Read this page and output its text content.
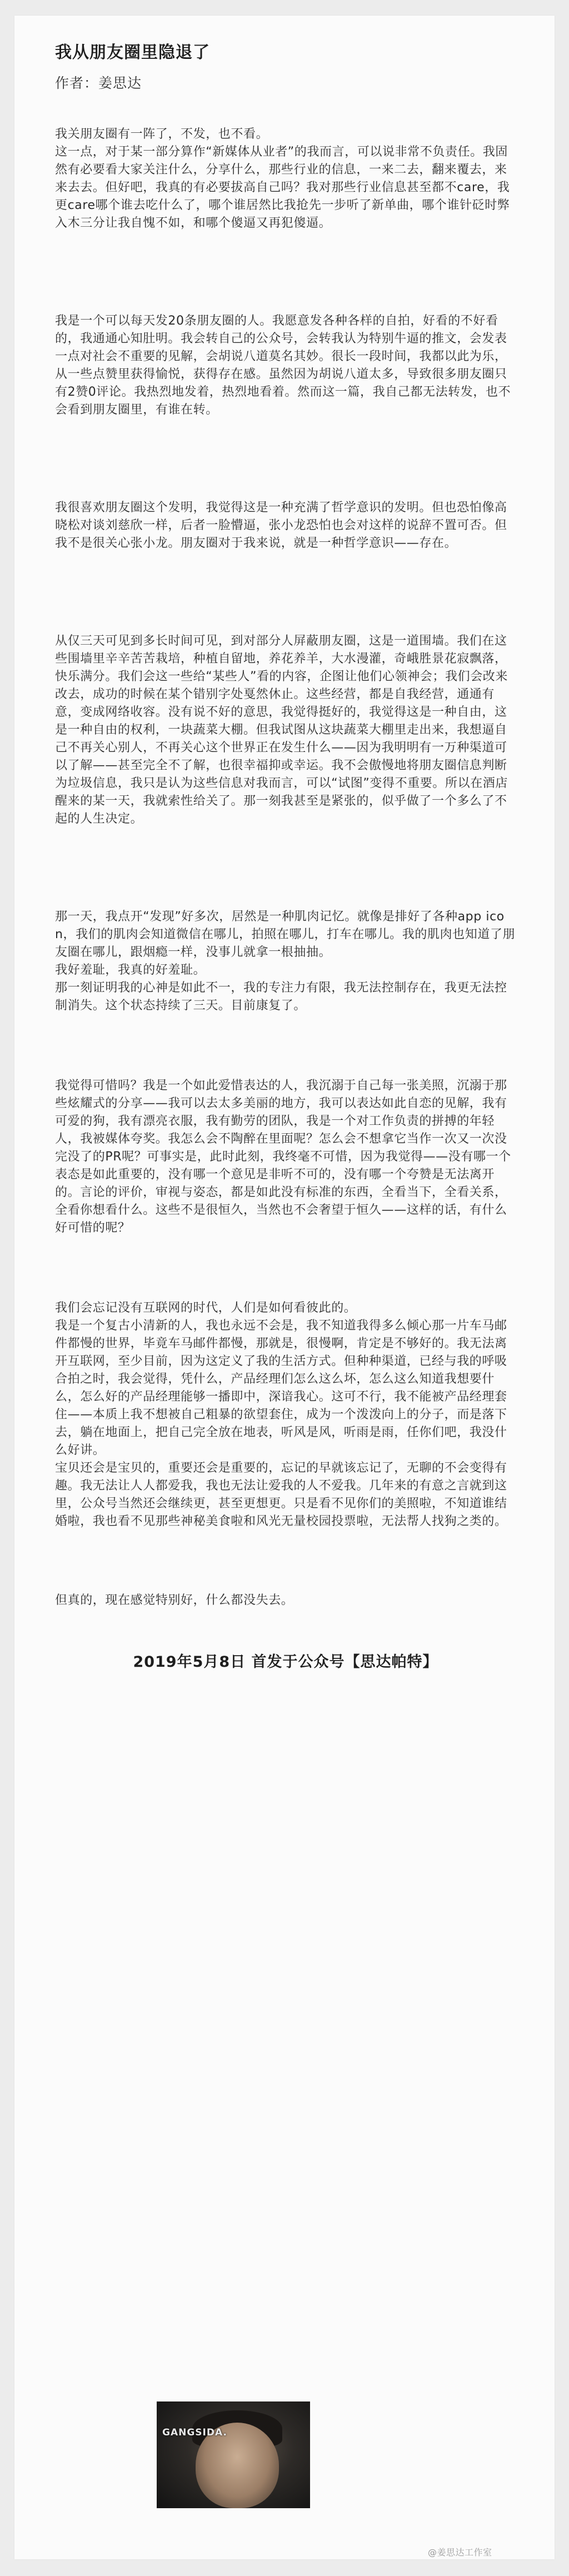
我从朋友圈里隐退了
作者：姜思达

我关朋友圈有一阵了，不发，也不看。

这一点，对于某一部分算作“新媒体从业者”的我而言，可以说非常不负责任。我固然有必要看大家关注什么，分享什么，那些行业的信息，一来二去，翻来覆去，来来去去。但好吧，我真的有必要拔高自己吗？我对那些行业信息甚至都不care，我更care哪个谁去吃什么了，哪个谁居然比我抢先一步听了新单曲，哪个谁针砭时弊入木三分让我自愧不如，和哪个傻逼又再犯傻逼。

我是一个可以每天发20条朋友圈的人。我愿意发各种各样的自拍，好看的不好看的，我通通心知肚明。我会转自己的公众号，会转我认为特别牛逼的推文，会发表一点对社会不重要的见解，会胡说八道莫名其妙。很长一段时间，我都以此为乐，从一些点赞里获得愉悦，获得存在感。虽然因为胡说八道太多，导致很多朋友圈只有2赞0评论。我热烈地发着，热烈地看着。然而这一篇，我自己都无法转发，也不会看到朋友圈里，有谁在转。

我很喜欢朋友圈这个发明，我觉得这是一种充满了哲学意识的发明。但也恐怕像高晓松对谈刘慈欣一样，后者一脸懵逼，张小龙恐怕也会对这样的说辞不置可否。但我不是很关心张小龙。朋友圈对于我来说，就是一种哲学意识——存在。

从仅三天可见到多长时间可见，到对部分人屏蔽朋友圈，这是一道围墙。我们在这些围墙里辛辛苦苦栽培，种植自留地，养花养羊，大水漫灌，奇峨胜景花寂飘落，快乐满分。我们会这一些给“某些人”看的内容，企图让他们心领神会；我们会改来改去，成功的时候在某个错别字处戛然休止。这些经营，都是自我经营，通通有意，变成网络收容。没有说不好的意思，我觉得挺好的，我觉得这是一种自由，这是一种自由的权利，一块蔬菜大棚。但我试图从这块蔬菜大棚里走出来，我想逼自己不再关心别人，不再关心这个世界正在发生什么——因为我明明有一万种渠道可以了解——甚至完全不了解，也很幸福抑或幸运。我不会傲慢地将朋友圈信息判断为垃圾信息，我只是认为这些信息对我而言，可以“试图”变得不重要。所以在酒店醒来的某一天，我就索性给关了。那一刻我甚至是紧张的，似乎做了一个多么了不起的人生决定。

那一天，我点开“发现”好多次，居然是一种肌肉记忆。就像是排好了各种app icon，我们的肌肉会知道微信在哪儿，拍照在哪儿，打车在哪儿。我的肌肉也知道了朋友圈在哪儿，跟烟瘾一样，没事儿就拿一根抽抽。

我好羞耻，我真的好羞耻。

那一刻证明我的心神是如此不一，我的专注力有限，我无法控制存在，我更无法控制消失。这个状态持续了三天。目前康复了。

我觉得可惜吗？我是一个如此爱惜表达的人，我沉溺于自己每一张美照，沉溺于那些炫耀式的分享——我可以去太多美丽的地方，我可以表达如此自恋的见解，我有可爱的狗，我有漂亮衣服，我有勤劳的团队，我是一个对工作负责的拼搏的年轻人，我被媒体夸奖。我怎么会不陶醉在里面呢？怎么会不想拿它当作一次又一次没完没了的PR呢？可事实是，此时此刻，我终毫不可惜，因为我觉得——没有哪一个表态是如此重要的，没有哪一个意见是非听不可的，没有哪一个夸赞是无法离开的。言论的评价，审视与姿态，都是如此没有标准的东西，全看当下，全看关系，全看你想看什么。这些不是很恒久，当然也不会奢望于恒久——这样的话，有什么好可惜的呢？

我们会忘记没有互联网的时代，人们是如何看彼此的。

我是一个复古小清新的人，我也永远不会是，我不知道我得多么倾心那一片车马邮件都慢的世界，毕竟车马邮件都慢，那就是，很慢啊，肯定是不够好的。我无法离开互联网，至少目前，因为这定义了我的生活方式。但种种渠道，已经与我的呼吸合拍之时，我会觉得，凭什么，产品经理们怎么这么坏，怎么这么知道我想要什么，怎么好的产品经理能够一播即中，深谙我心。这可不行，我不能被产品经理套住——本质上我不想被自己粗暴的欲望套住，成为一个泼泼向上的分子，而是落下去，躺在地面上，把自己完全放在地表，听风是风，听雨是雨，任你们吧，我没什么好讲。

宝贝还会是宝贝的，重要还会是重要的，忘记的早就该忘记了，无聊的不会变得有趣。我无法让人人都爱我，我也无法让爱我的人不爱我。几年来的有意之言就到这里，公众号当然还会继续更，甚至更想更。只是看不见你们的美照啦，不知道谁结婚啦，我也看不见那些神秘美食啦和风光无量校园投票啦，无法帮人找狗之类的。

但真的，现在感觉特别好，什么都没失去。

2019年5月8日 首发于公众号【思达帕特】
GANGSIDA.
@姜思达工作室
